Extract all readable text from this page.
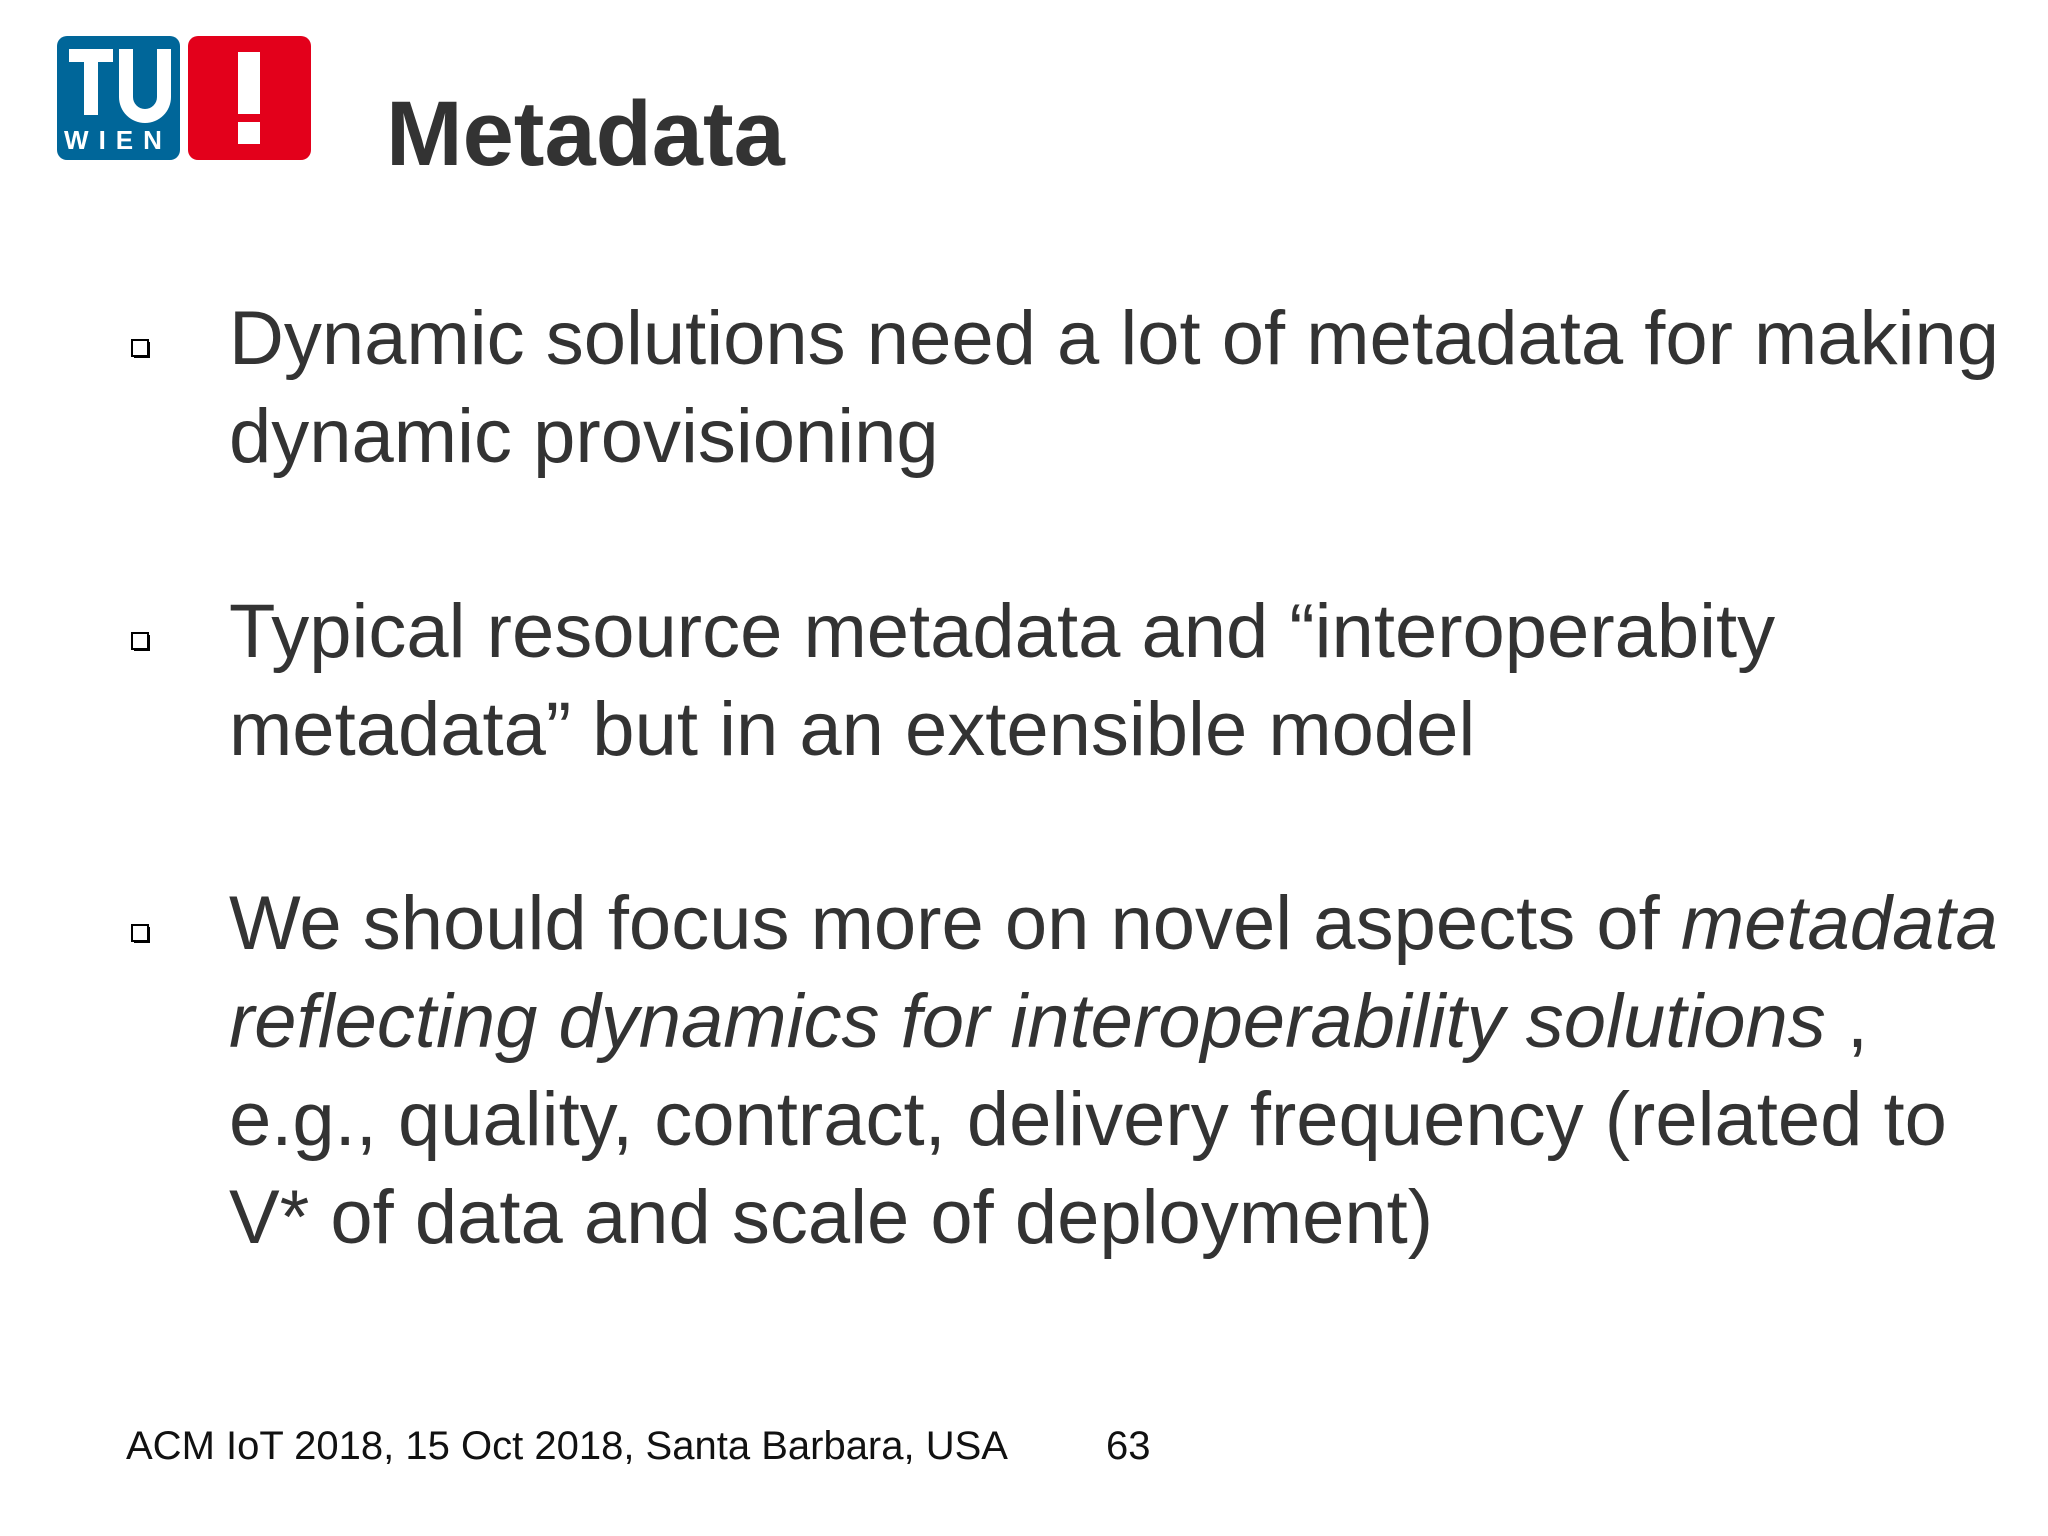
WIEN Metadata

Dynamic solutions need a lot of metadata for making dynamic provisioning

Typical resource metadata and “interoperabity metadata” but in an extensible model

We should focus more on novel aspects of metadata reflecting dynamics for interoperability solutions , e.g., quality, contract, delivery frequency (related to V* of data and scale of deployment)

ACM IoT 2018, 15 Oct 2018, Santa Barbara, USA 63
